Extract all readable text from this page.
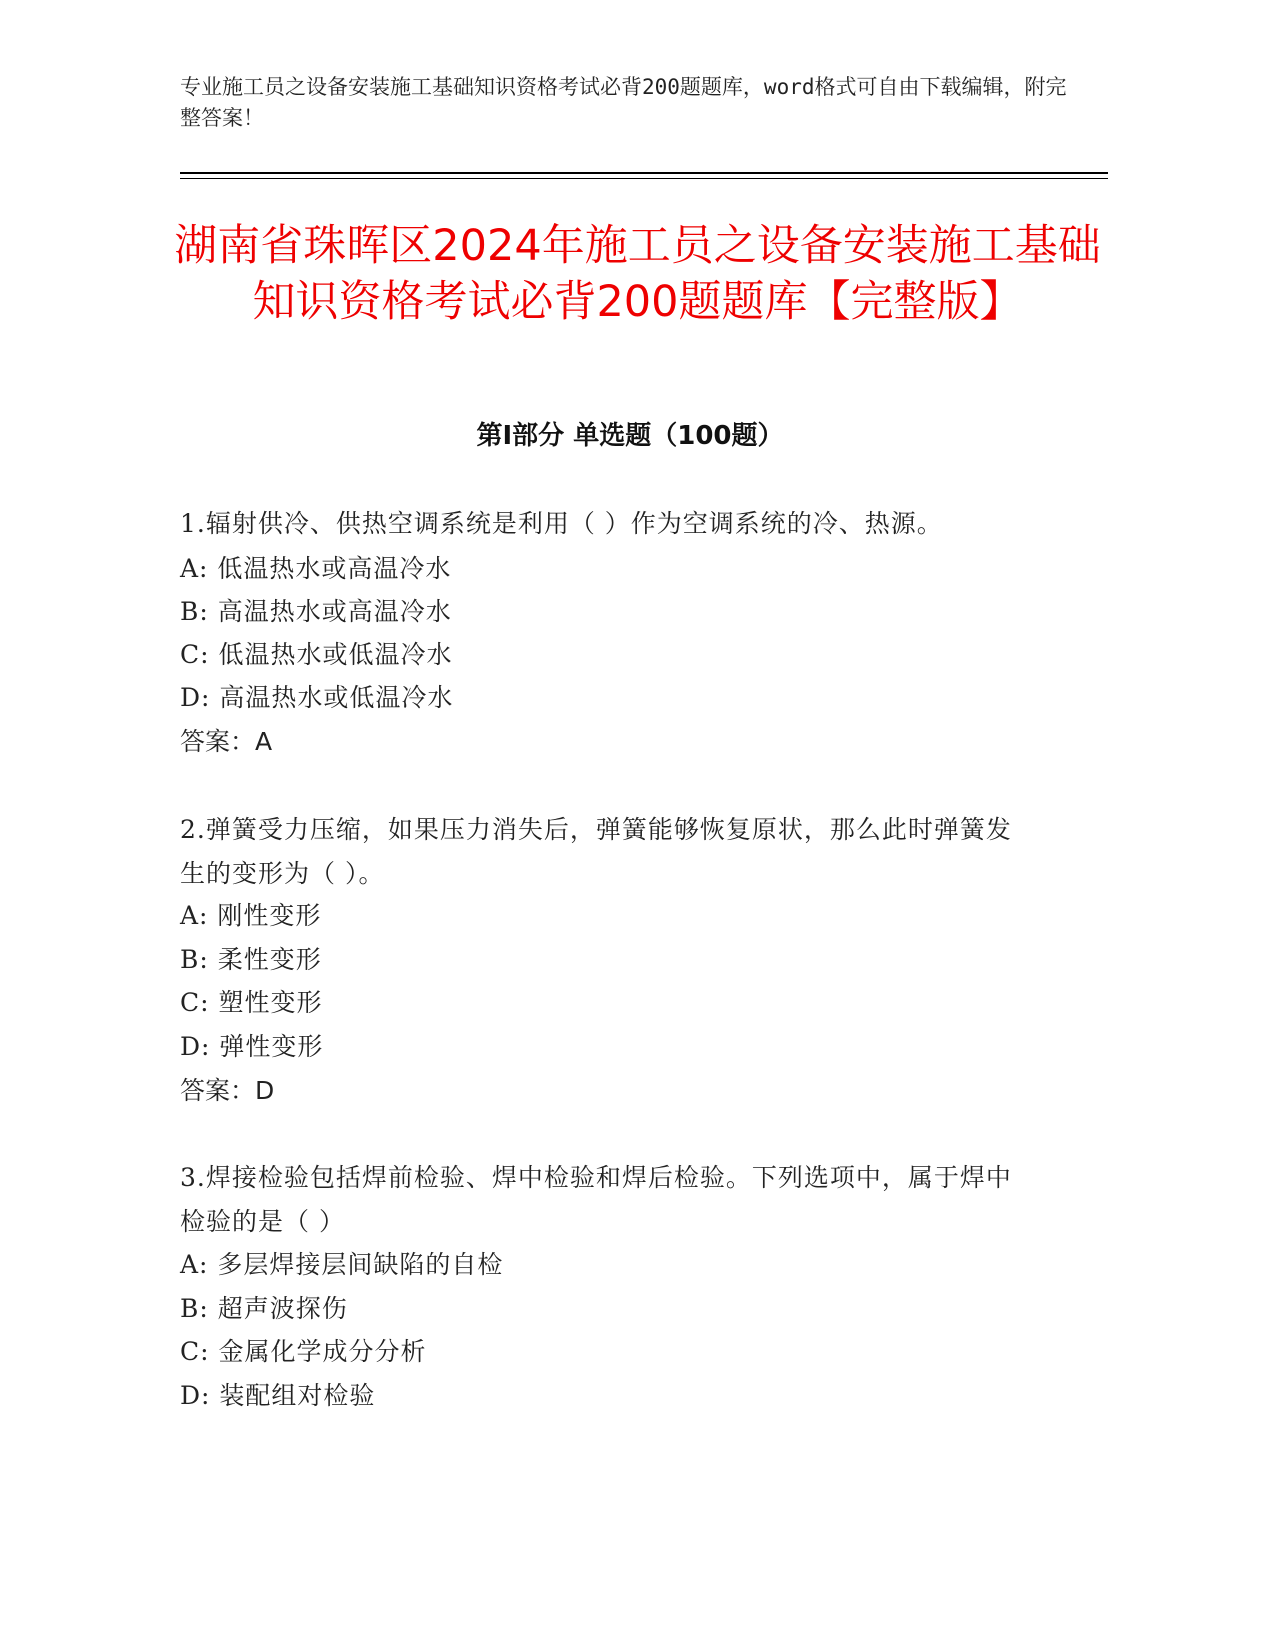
专业施工员之设备安装施工基础知识资格考试必背200题题库，word格式可自由下载编辑，附完整答案！

湖南省珠晖区2024年施工员之设备安装施工基础知识资格考试必背200题题库【完整版】
第Ⅰ部分 单选题（100题）

1.辐射供冷、供热空调系统是利用（ ）作为空调系统的冷、热源。

A: 低温热水或高温冷水

B: 高温热水或高温冷水

C: 低温热水或低温冷水

D: 高温热水或低温冷水

答案：A

2.弹簧受力压缩，如果压力消失后，弹簧能够恢复原状，那么此时弹簧发生的变形为（ ）。

A: 刚性变形

B: 柔性变形

C: 塑性变形

D: 弹性变形

答案：D

3.焊接检验包括焊前检验、焊中检验和焊后检验。下列选项中，属于焊中检验的是（ ）

A: 多层焊接层间缺陷的自检

B: 超声波探伤

C: 金属化学成分分析

D: 装配组对检验
